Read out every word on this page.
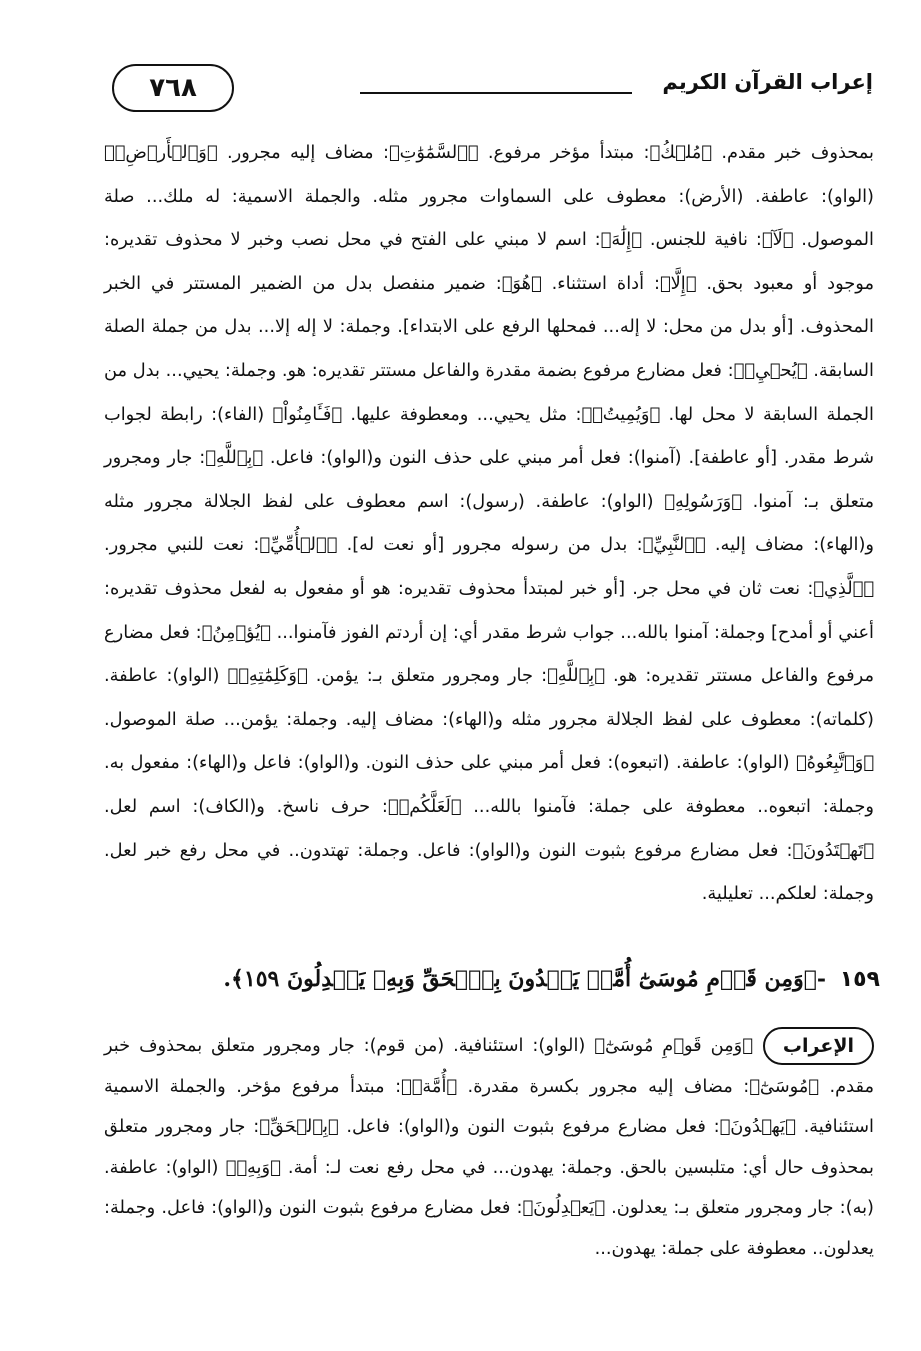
إعراب القرآن الكريم
٧٦٨

بمحذوف خبر مقدم. ﴿مُلۡكُ﴾: مبتدأ مؤخر مرفوع. ﴿ٱلسَّمَٰوَٰتِ﴾: مضاف إليه مجرور. ﴿وَٱلۡأَرۡضِۖ﴾ (الواو): عاطفة. (الأرض): معطوف على السماوات مجرور مثله. والجملة الاسمية: له ملك... صلة الموصول. ﴿لَآ﴾: نافية للجنس. ﴿إِلَٰهَ﴾: اسم لا مبني على الفتح في محل نصب وخبر لا محذوف تقديره: موجود أو معبود بحق. ﴿إِلَّا﴾: أداة استثناء. ﴿هُوَ﴾: ضمير منفصل بدل من الضمير المستتر في الخبر المحذوف. [أو بدل من محل: لا إله... فمحلها الرفع على الابتداء]. وجملة: لا إله إلا... بدل من جملة الصلة السابقة. ﴿يُحۡيِۦ﴾: فعل مضارع مرفوع بضمة مقدرة والفاعل مستتر تقديره: هو. وجملة: يحيي... بدل من الجملة السابقة لا محل لها. ﴿وَيُمِيتُۖ﴾: مثل يحيي... ومعطوفة عليها. ﴿فَـَٔامِنُواْ﴾ (الفاء): رابطة لجواب شرط مقدر. [أو عاطفة]. (آمنوا): فعل أمر مبني على حذف النون و(الواو): فاعل. ﴿بِٱللَّهِ﴾: جار ومجرور متعلق بـ: آمنوا. ﴿وَرَسُولِهِ﴾ (الواو): عاطفة. (رسول): اسم معطوف على لفظ الجلالة مجرور مثله و(الهاء): مضاف إليه. ﴿ٱلنَّبِيِّ﴾: بدل من رسوله مجرور [أو نعت له]. ﴿ٱلۡأُمِّيِّ﴾: نعت للنبي مجرور. ﴿ٱلَّذِي﴾: نعت ثان في محل جر. [أو خبر لمبتدأ محذوف تقديره: هو أو مفعول به لفعل محذوف تقديره: أعني أو أمدح] وجملة: آمنوا بالله... جواب شرط مقدر أي: إن أردتم الفوز فآمنوا... ﴿يُؤۡمِنُ﴾: فعل مضارع مرفوع والفاعل مستتر تقديره: هو. ﴿بِٱللَّهِ﴾: جار ومجرور متعلق بـ: يؤمن. ﴿وَكَلِمَٰتِهِۦ﴾ (الواو): عاطفة. (كلماته): معطوف على لفظ الجلالة مجرور مثله و(الهاء): مضاف إليه. وجملة: يؤمن... صلة الموصول. ﴿وَٱتَّبِعُوهُ﴾ (الواو): عاطفة. (اتبعوه): فعل أمر مبني على حذف النون. و(الواو): فاعل و(الهاء): مفعول به. وجملة: اتبعوه.. معطوفة على جملة: فآمنوا بالله... ﴿لَعَلَّكُمۡ﴾: حرف ناسخ. و(الكاف): اسم لعل. ﴿تَهۡتَدُونَ﴾: فعل مضارع مرفوع بثبوت النون و(الواو): فاعل. وجملة: تهتدون.. في محل رفع خبر لعل. وجملة: لعلكم... تعليلية.

١٥٩ -﴿وَمِن قَوۡمِ مُوسَىٰٓ أُمَّةٞ يَهۡدُونَ بِٱلۡحَقِّ وَبِهِۦ يَعۡدِلُونَ ١٥٩﴾.

الإعراب﴿وَمِن قَوۡمِ مُوسَىٰٓ﴾ (الواو): استئنافية. (من قوم): جار ومجرور متعلق بمحذوف خبر مقدم. ﴿مُوسَىٰٓ﴾: مضاف إليه مجرور بكسرة مقدرة. ﴿أُمَّةٞ﴾: مبتدأ مرفوع مؤخر. والجملة الاسمية استئنافية. ﴿يَهۡدُونَ﴾: فعل مضارع مرفوع بثبوت النون و(الواو): فاعل. ﴿بِٱلۡحَقِّ﴾: جار ومجرور متعلق بمحذوف حال أي: متلبسين بالحق. وجملة: يهدون... في محل رفع نعت لـ: أمة. ﴿وَبِهِۦ﴾ (الواو): عاطفة. (به): جار ومجرور متعلق بـ: يعدلون. ﴿يَعۡدِلُونَ﴾: فعل مضارع مرفوع بثبوت النون و(الواو): فاعل. وجملة: يعدلون.. معطوفة على جملة: يهدون...
